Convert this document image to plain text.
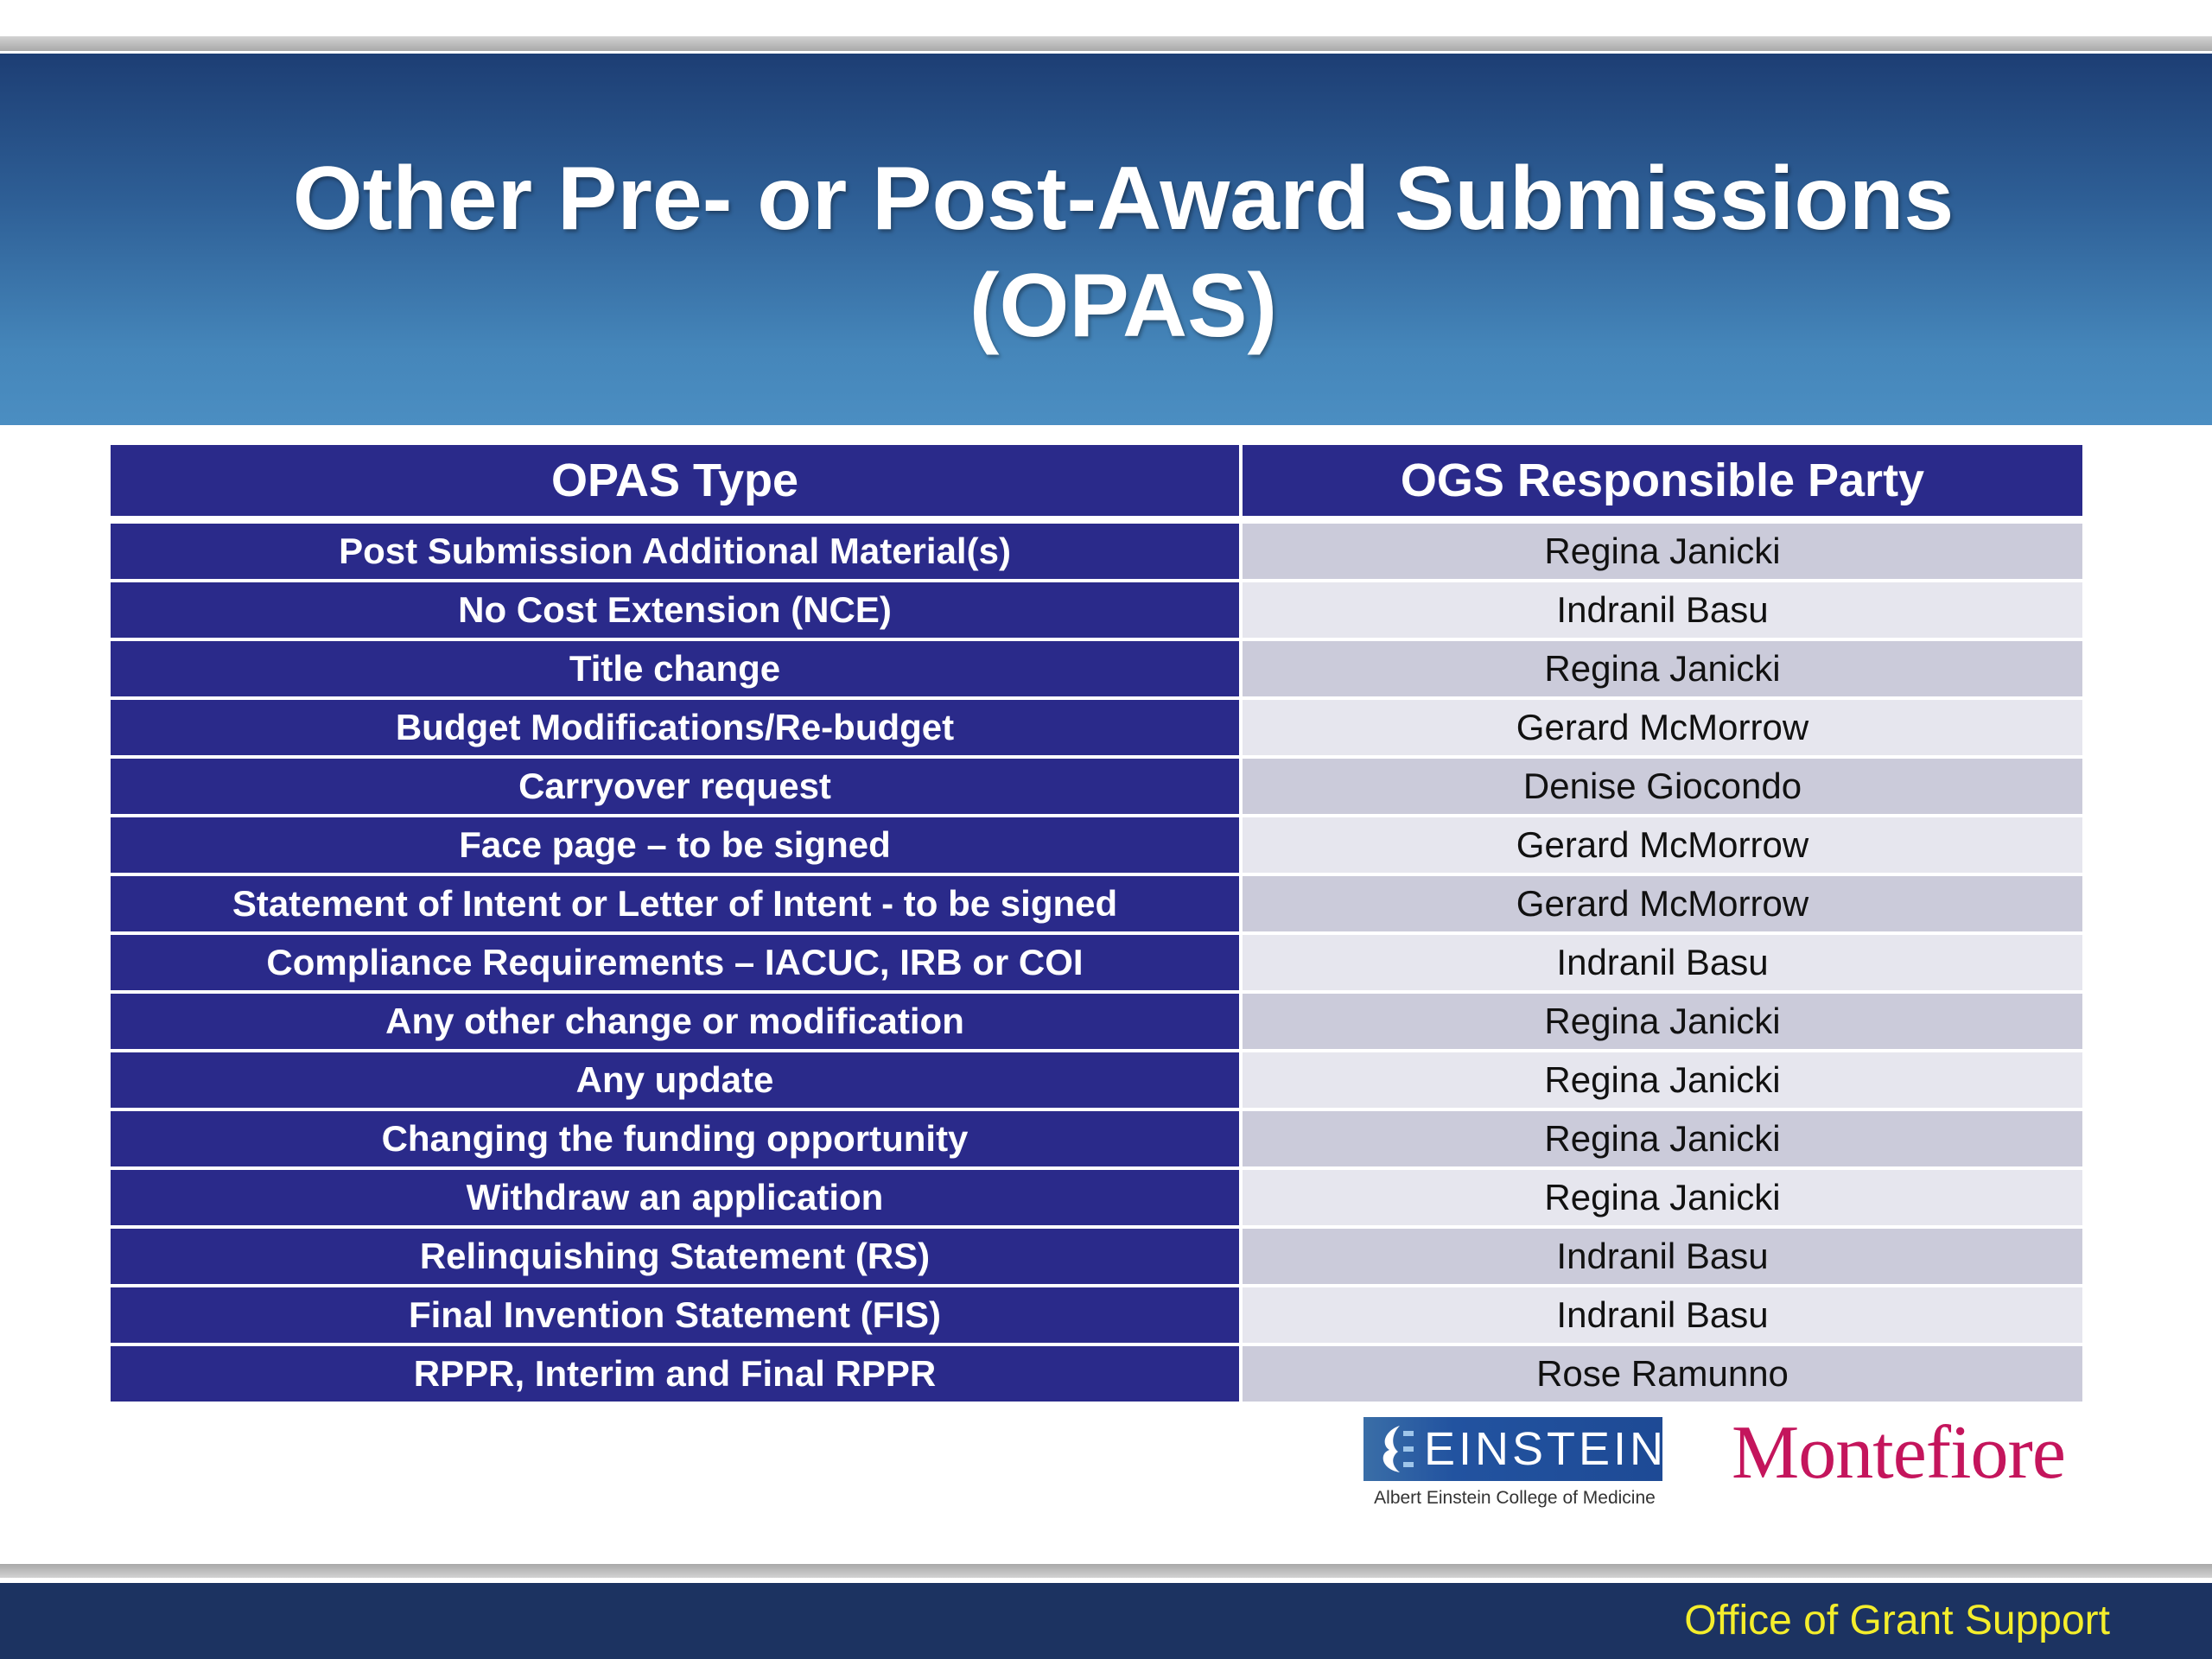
Other Pre- or Post-Award Submissions
(OPAS)
OPAS Type	OGS Responsible Party
Post Submission Additional Material(s)	Regina Janicki
No Cost Extension (NCE)	Indranil Basu
Title change	Regina Janicki
Budget Modifications/Re-budget	Gerard McMorrow
Carryover request	Denise Giocondo
Face page – to be signed	Gerard McMorrow
Statement of Intent or Letter of Intent - to be signed	Gerard McMorrow
Compliance Requirements – IACUC, IRB or COI	Indranil Basu
Any other change or modification	Regina Janicki
Any update	Regina Janicki
Changing the funding opportunity	Regina Janicki
Withdraw an application	Regina Janicki
Relinquishing Statement (RS)	Indranil Basu
Final Invention Statement (FIS)	Indranil Basu
RPPR, Interim and Final RPPR	Rose Ramunno
EINSTEIN
Albert Einstein College of Medicine
Montefiore
Office of Grant Support
